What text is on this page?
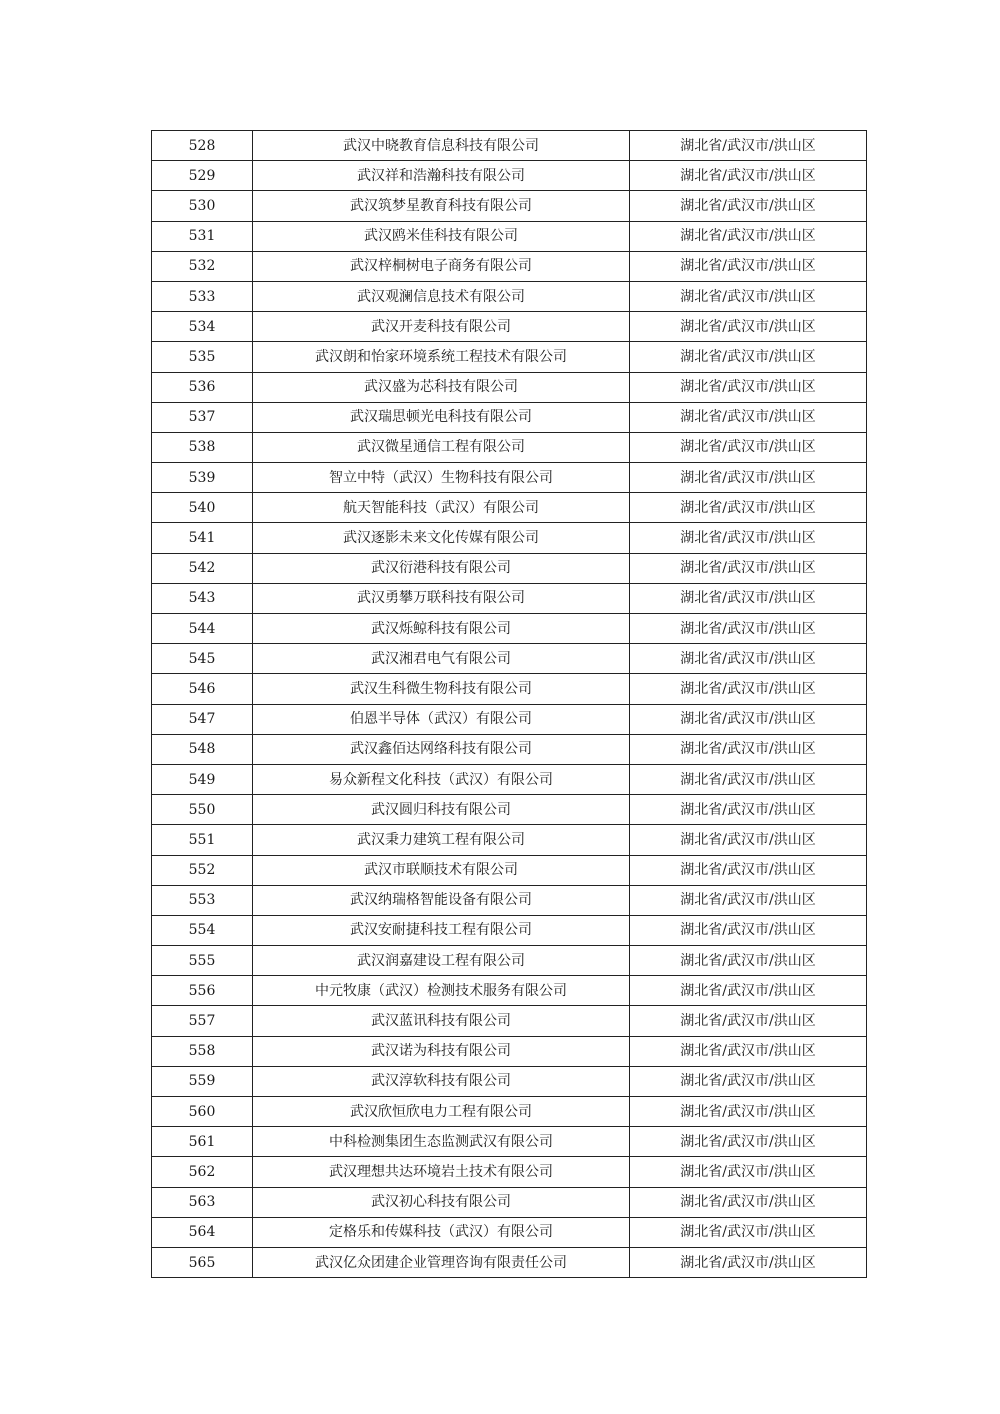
528	武汉中晓教育信息科技有限公司	湖北省/武汉市/洪山区
529	武汉祥和浩瀚科技有限公司	湖北省/武汉市/洪山区
530	武汉筑梦星教育科技有限公司	湖北省/武汉市/洪山区
531	武汉鸥米佳科技有限公司	湖北省/武汉市/洪山区
532	武汉梓桐树电子商务有限公司	湖北省/武汉市/洪山区
533	武汉观澜信息技术有限公司	湖北省/武汉市/洪山区
534	武汉开麦科技有限公司	湖北省/武汉市/洪山区
535	武汉朗和怡家环境系统工程技术有限公司	湖北省/武汉市/洪山区
536	武汉盛为芯科技有限公司	湖北省/武汉市/洪山区
537	武汉瑞思顿光电科技有限公司	湖北省/武汉市/洪山区
538	武汉微星通信工程有限公司	湖北省/武汉市/洪山区
539	智立中特（武汉）生物科技有限公司	湖北省/武汉市/洪山区
540	航天智能科技（武汉）有限公司	湖北省/武汉市/洪山区
541	武汉逐影未来文化传媒有限公司	湖北省/武汉市/洪山区
542	武汉衍港科技有限公司	湖北省/武汉市/洪山区
543	武汉勇攀万联科技有限公司	湖北省/武汉市/洪山区
544	武汉烁鲸科技有限公司	湖北省/武汉市/洪山区
545	武汉湘君电气有限公司	湖北省/武汉市/洪山区
546	武汉生科微生物科技有限公司	湖北省/武汉市/洪山区
547	伯恩半导体（武汉）有限公司	湖北省/武汉市/洪山区
548	武汉鑫佰达网络科技有限公司	湖北省/武汉市/洪山区
549	易众新程文化科技（武汉）有限公司	湖北省/武汉市/洪山区
550	武汉圆归科技有限公司	湖北省/武汉市/洪山区
551	武汉秉力建筑工程有限公司	湖北省/武汉市/洪山区
552	武汉市联顺技术有限公司	湖北省/武汉市/洪山区
553	武汉纳瑞格智能设备有限公司	湖北省/武汉市/洪山区
554	武汉安耐捷科技工程有限公司	湖北省/武汉市/洪山区
555	武汉润嘉建设工程有限公司	湖北省/武汉市/洪山区
556	中元牧康（武汉）检测技术服务有限公司	湖北省/武汉市/洪山区
557	武汉蓝讯科技有限公司	湖北省/武汉市/洪山区
558	武汉诺为科技有限公司	湖北省/武汉市/洪山区
559	武汉淳软科技有限公司	湖北省/武汉市/洪山区
560	武汉欣恒欣电力工程有限公司	湖北省/武汉市/洪山区
561	中科检测集团生态监测武汉有限公司	湖北省/武汉市/洪山区
562	武汉理想共达环境岩土技术有限公司	湖北省/武汉市/洪山区
563	武汉初心科技有限公司	湖北省/武汉市/洪山区
564	定格乐和传媒科技（武汉）有限公司	湖北省/武汉市/洪山区
565	武汉亿众团建企业管理咨询有限责任公司	湖北省/武汉市/洪山区
